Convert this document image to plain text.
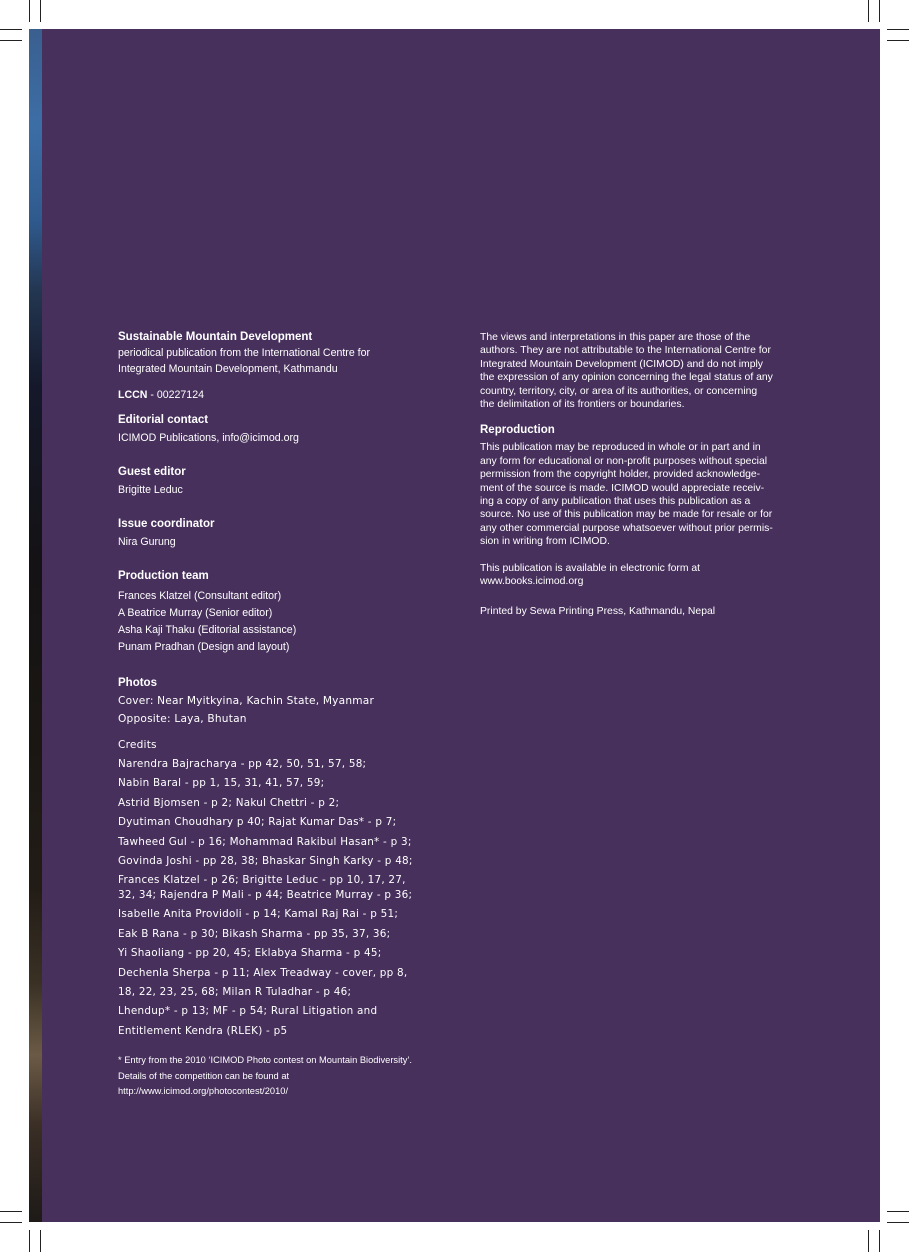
Sustainable Mountain Development

periodical publication from the International Centre for

Integrated Mountain Development, Kathmandu

LCCN - 00227124

Editorial contact

ICIMOD Publications, info@icimod.org

Guest editor

Brigitte Leduc

Issue coordinator

Nira Gurung

Production team

Frances Klatzel (Consultant editor)

A Beatrice Murray (Senior editor)

Asha Kaji Thaku (Editorial assistance)

Punam Pradhan (Design and layout)

Photos

Cover: Near Myitkyina, Kachin State, Myanmar

Opposite: Laya, Bhutan

Credits

Narendra Bajracharya - pp 42, 50, 51, 57, 58;
Nabin Baral - pp 1, 15, 31, 41, 57, 59;
Astrid Bjomsen - p 2; Nakul Chettri - p 2;
Dyutiman Choudhary p 40; Rajat Kumar Das* - p 7;
Tawheed Gul - p 16; Mohammad Rakibul Hasan* - p 3;
Govinda Joshi - pp 28, 38; Bhaskar Singh Karky - p 48;
Frances Klatzel - p 26; Brigitte Leduc - pp 10, 17, 27,
32, 34; Rajendra P Mali - p 44; Beatrice Murray - p 36;
Isabelle Anita Providoli - p 14; Kamal Raj Rai - p 51;
Eak B Rana - p 30; Bikash Sharma - pp 35, 37, 36;
Yi Shaoliang - pp 20, 45; Eklabya Sharma - p 45;
Dechenla Sherpa - p 11; Alex Treadway - cover, pp 8,
18, 22, 23, 25, 68; Milan R Tuladhar - p 46;
Lhendup* - p 13; MF - p 54; Rural Litigation and
Entitlement Kendra (RLEK) - p5

* Entry from the 2010 ‘ICIMOD Photo contest on Mountain Biodiversity’.

Details of the competition can be found at

http://www.icimod.org/photocontest/2010/

The views and interpretations in this paper are those of the

authors. They are not attributable to the International Centre for

Integrated Mountain Development (ICIMOD) and do not imply

the expression of any opinion concerning the legal status of any

country, territory, city, or area of its authorities, or concerning

the delimitation of its frontiers or boundaries.

Reproduction

This publication may be reproduced in whole or in part and in

any form for educational or non-profit purposes without special

permission from the copyright holder, provided acknowledge-

ment of the source is made. ICIMOD would appreciate receiv-

ing a copy of any publication that uses this publication as a

source. No use of this publication may be made for resale or for

any other commercial purpose whatsoever without prior permis-

sion in writing from ICIMOD.

This publication is available in electronic form at

www.books.icimod.org

Printed by Sewa Printing Press, Kathmandu, Nepal
